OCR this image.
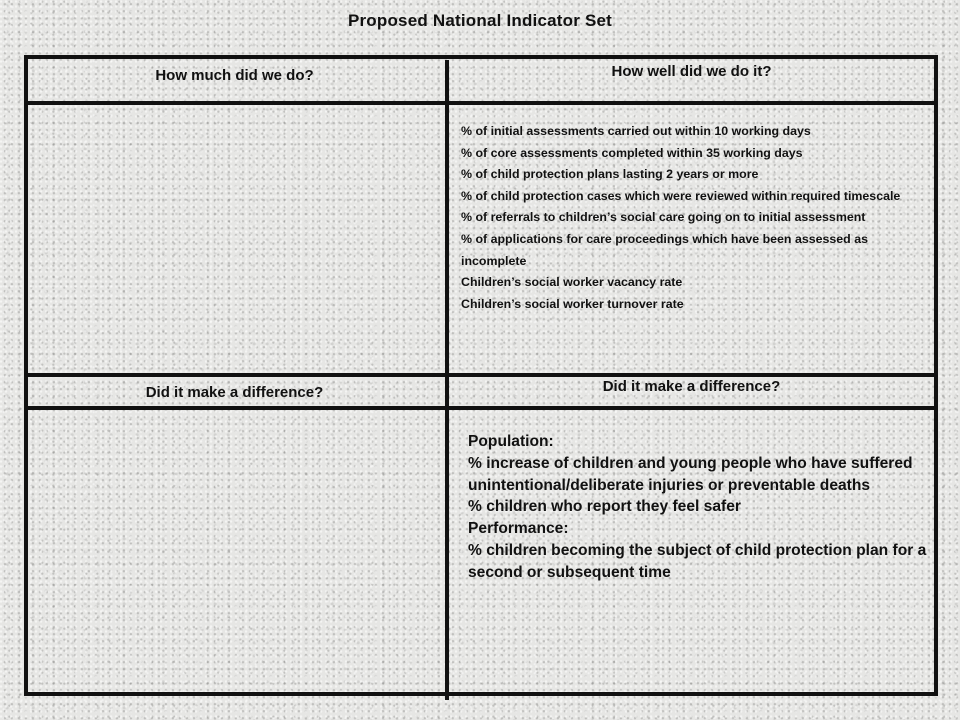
Proposed National Indicator Set
How much did we do?	How well did we do it?
Did it make a difference?	Did it make a difference?
% of initial assessments carried out within 10 working days
% of core assessments completed within 35 working days
% of child protection plans lasting 2 years or more
% of child protection cases which were reviewed within required timescale
% of referrals to children’s social care going on to initial assessment
% of applications for care proceedings which have been assessed as incomplete
Children’s social worker vacancy rate
Children’s social worker turnover rate
Population:
% increase of children and young people who have suffered unintentional/deliberate injuries or preventable deaths
% children who report they feel safer
Performance:
% children becoming the subject of child protection plan for a second or subsequent time
